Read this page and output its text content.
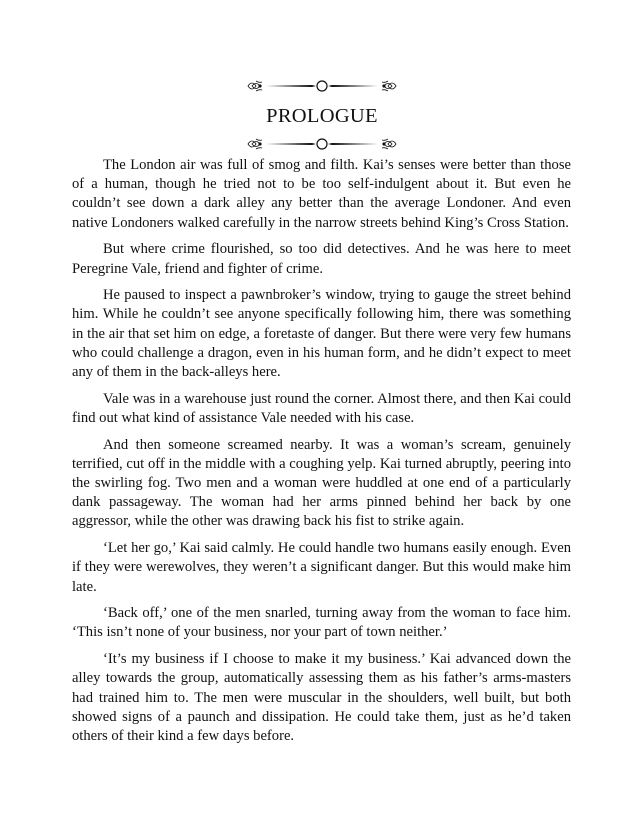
PROLOGUE

The London air was full of smog and filth. Kai’s senses were better than those of a human, though he tried not to be too self-indulgent about it. But even he couldn’t see down a dark alley any better than the average Londoner. And even native Londoners walked carefully in the narrow streets behind King’s Cross Station.

But where crime flourished, so too did detectives. And he was here to meet Peregrine Vale, friend and fighter of crime.

He paused to inspect a pawnbroker’s window, trying to gauge the street behind him. While he couldn’t see anyone specifically following him, there was something in the air that set him on edge, a foretaste of danger. But there were very few humans who could challenge a dragon, even in his human form, and he didn’t expect to meet any of them in the back-alleys here.

Vale was in a warehouse just round the corner. Almost there, and then Kai could find out what kind of assistance Vale needed with his case.

And then someone screamed nearby. It was a woman’s scream, genuinely terrified, cut off in the middle with a coughing yelp. Kai turned abruptly, peering into the swirling fog. Two men and a woman were huddled at one end of a particularly dank passageway. The woman had her arms pinned behind her back by one aggressor, while the other was drawing back his fist to strike again.

‘Let her go,’ Kai said calmly. He could handle two humans easily enough. Even if they were werewolves, they weren’t a significant danger. But this would make him late.

‘Back off,’ one of the men snarled, turning away from the woman to face him. ‘This isn’t none of your business, nor your part of town neither.’

‘It’s my business if I choose to make it my business.’ Kai advanced down the alley towards the group, automatically assessing them as his father’s arms-masters had trained him to. The men were muscular in the shoulders, well built, but both showed signs of a paunch and dissipation. He could take them, just as he’d taken others of their kind a few days before.
